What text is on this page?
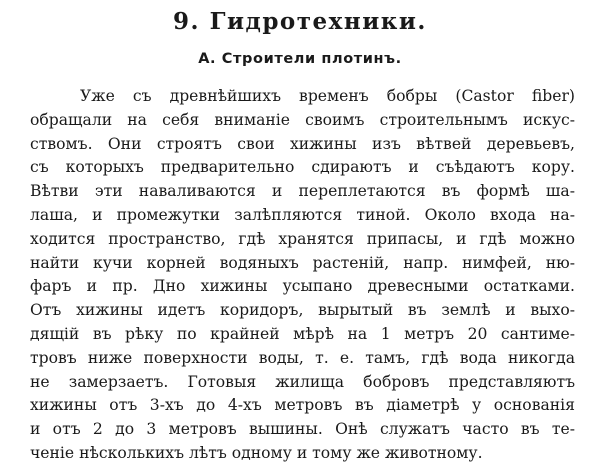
9. Гидротехники.
А. Строители плотинъ.
Уже съ древнѣйшихъ временъ бобры (Castor fiber)
обращали на себя вниманіе своимъ строительнымъ искус-
ствомъ. Они строятъ свои хижины изъ вѣтвей деревьевъ,
съ которыхъ предварительно сдираютъ и съѣдаютъ кору.
Вѣтви эти наваливаются и переплетаются въ формѣ ша-
лаша, и промежутки залѣпляются тиной. Около входа на-
ходится пространство, гдѣ хранятся припасы, и гдѣ можно
найти кучи корней водяныхъ растеній, напр. нимфей, ню-
фаръ и пр. Дно хижины усыпано древесными остатками.
Отъ хижины идетъ коридоръ, вырытый въ землѣ и выхо-
дящій въ рѣку по крайней мѣрѣ на 1 метръ 20 сантиме-
тровъ ниже поверхности воды, т. е. тамъ, гдѣ вода никогда
не замерзаетъ. Готовыя жилища бобровъ представляютъ
хижины отъ 3-хъ до 4-хъ метровъ въ діаметрѣ у основанія
и отъ 2 до 3 метровъ вышины. Онѣ служатъ часто въ те-
ченіе нѣсколькихъ лѣтъ одному и тому же животному.
